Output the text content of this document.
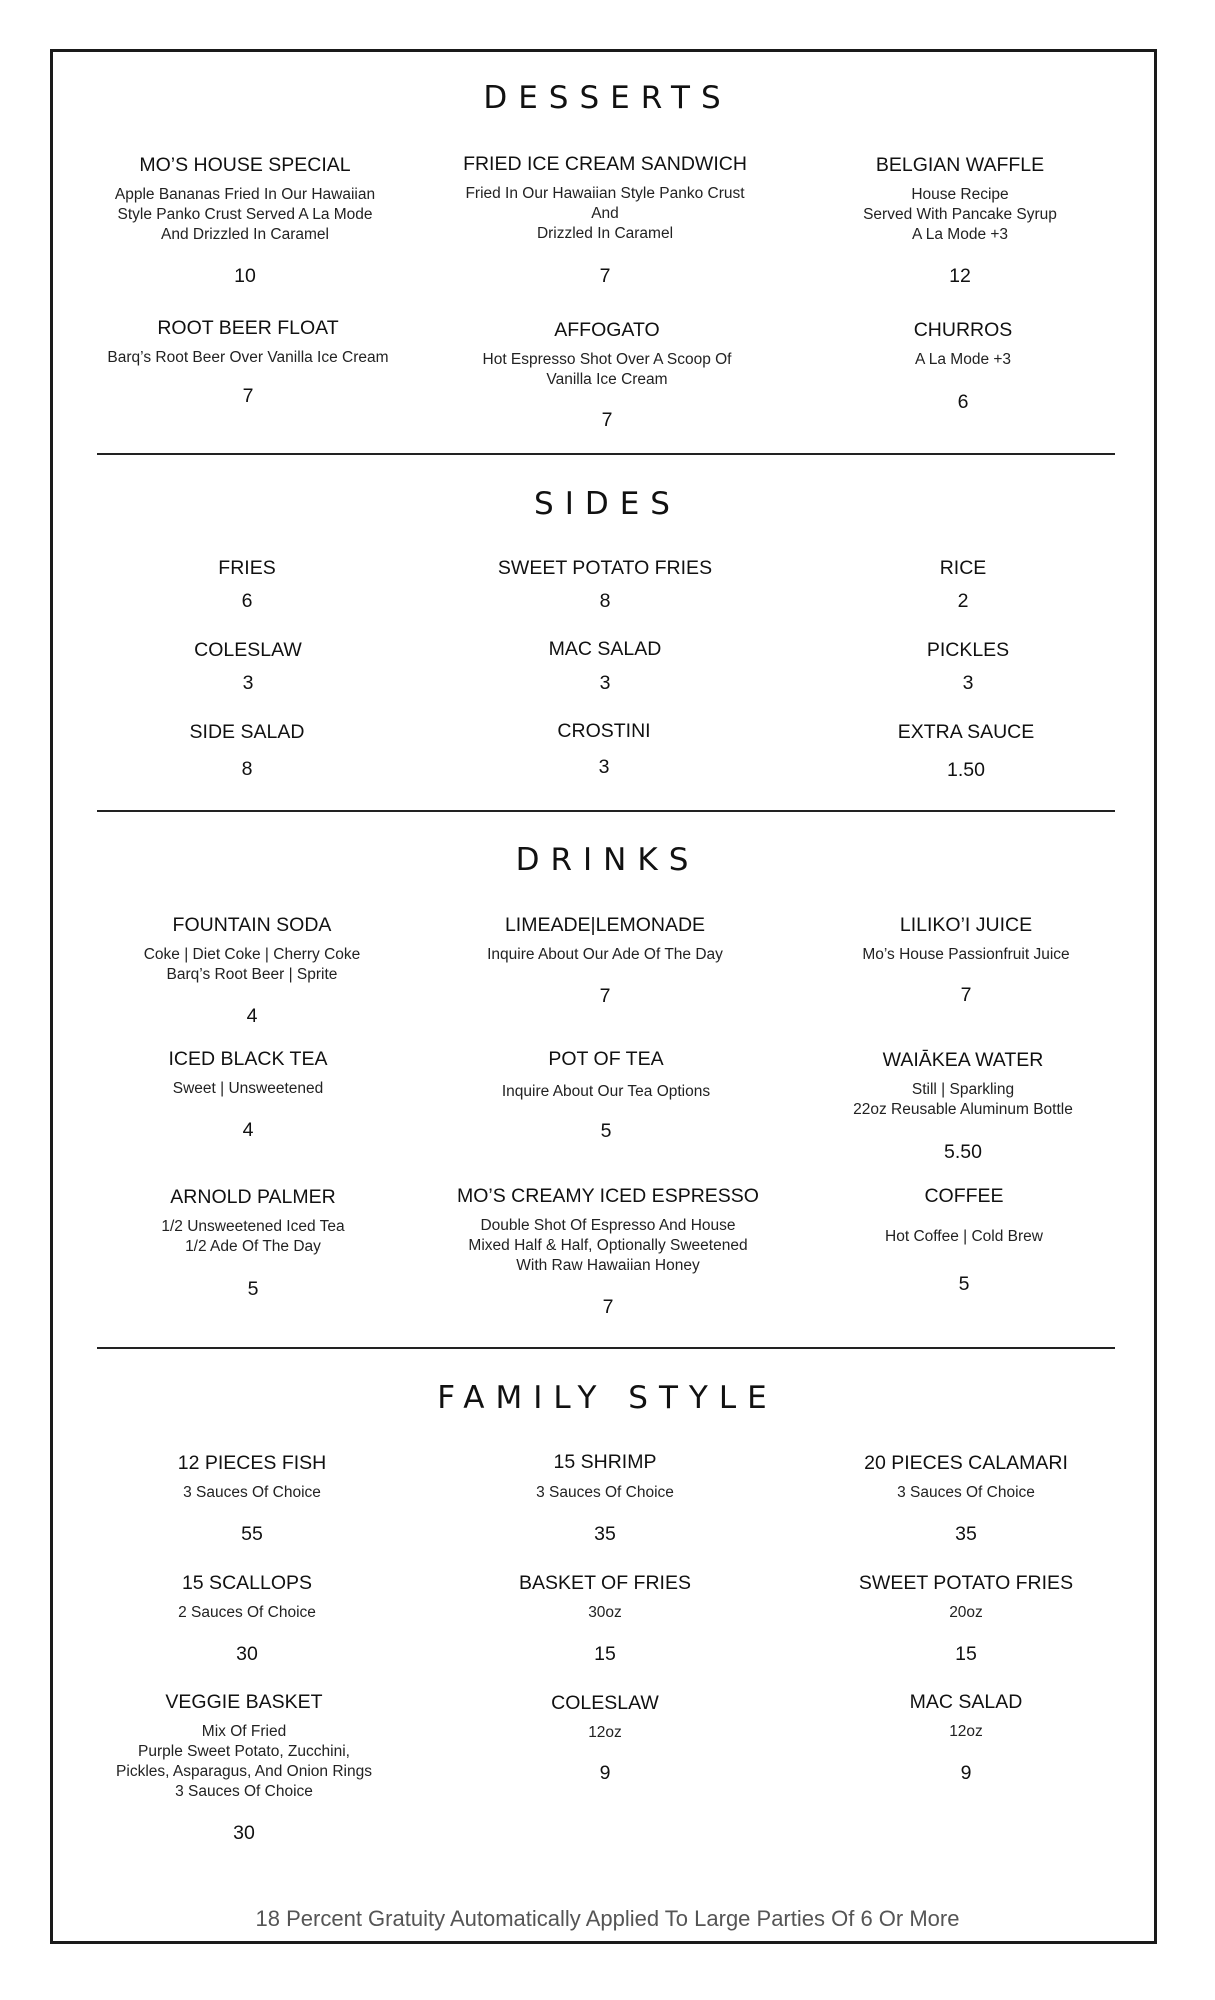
DESSERTS
MO’S HOUSE SPECIAL
Apple Bananas Fried In Our Hawaiian
Style Panko Crust Served A La Mode
And Drizzled In Caramel
10
FRIED ICE CREAM SANDWICH
Fried In Our Hawaiian Style Panko Crust
And
Drizzled In Caramel
7
BELGIAN WAFFLE
House Recipe
Served With Pancake Syrup
A La Mode +3
12
ROOT BEER FLOAT
Barq’s Root Beer Over Vanilla Ice Cream
7
AFFOGATO
Hot Espresso Shot Over A Scoop Of
Vanilla Ice Cream
7
CHURROS
A La Mode +3
6
SIDES
FRIES
6
SWEET POTATO FRIES
8
RICE
2
COLESLAW
3
MAC SALAD
3
PICKLES
3
SIDE SALAD
8
CROSTINI
3
EXTRA SAUCE
1.50
DRINKS
FOUNTAIN SODA
Coke | Diet Coke | Cherry Coke
Barq’s Root Beer | Sprite
4
LIMEADE|LEMONADE
Inquire About Our Ade Of The Day
7
LILIKO’I JUICE
Mo’s House Passionfruit Juice
7
ICED BLACK TEA
Sweet | Unsweetened
4
POT OF TEA
Inquire About Our Tea Options
5
WAIĀKEA WATER
Still | Sparkling
22oz Reusable Aluminum Bottle
5.50
ARNOLD PALMER
1/2 Unsweetened Iced Tea
1/2 Ade Of The Day
5
MO’S CREAMY ICED ESPRESSO
Double Shot Of Espresso And House
Mixed Half & Half, Optionally Sweetened
With Raw Hawaiian Honey
7
COFFEE
Hot Coffee | Cold Brew
5
FAMILY STYLE
12 PIECES FISH
3 Sauces Of Choice
55
15 SHRIMP
3 Sauces Of Choice
35
20 PIECES CALAMARI
3 Sauces Of Choice
35
15 SCALLOPS
2 Sauces Of Choice
30
BASKET OF FRIES
30oz
15
SWEET POTATO FRIES
20oz
15
VEGGIE BASKET
Mix Of Fried
Purple Sweet Potato, Zucchini,
Pickles, Asparagus, And Onion Rings
3 Sauces Of Choice
30
COLESLAW
12oz
9
MAC SALAD
12oz
9
18 Percent Gratuity Automatically Applied To Large Parties Of 6 Or More
